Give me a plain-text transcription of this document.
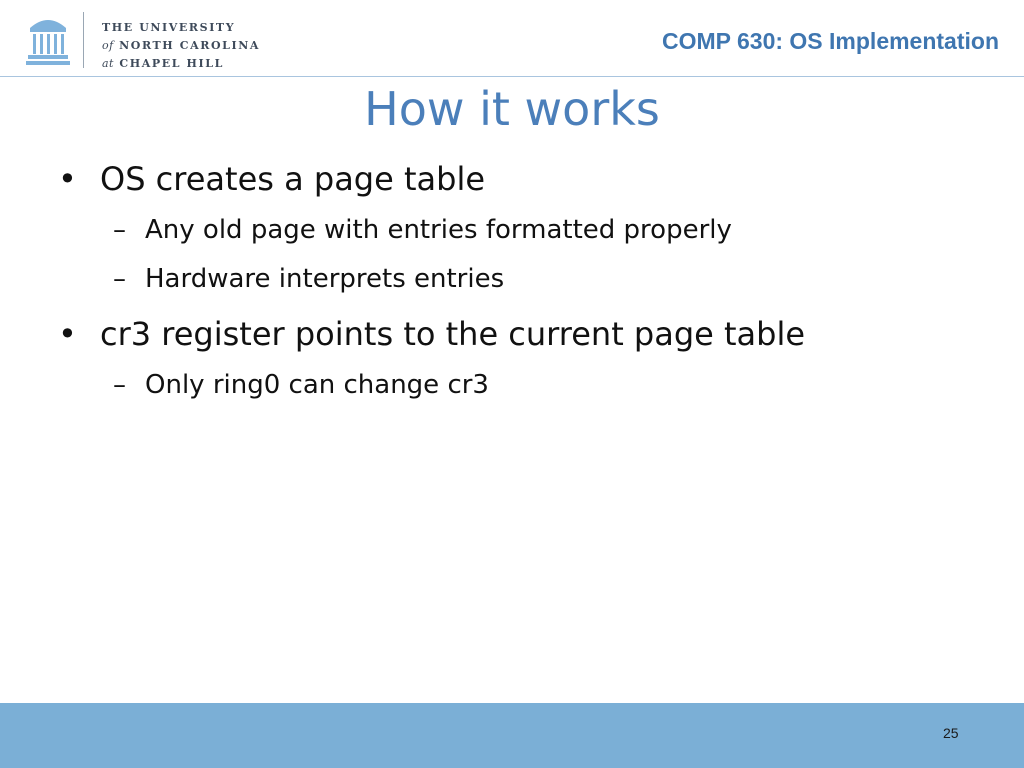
THE UNIVERSITY
of NORTH CAROLINA
at CHAPEL HILL
COMP 630: OS Implementation
How it works
• OS creates a page table
– Any old page with entries formatted properly
– Hardware interprets entries
• cr3 register points to the current page table
– Only ring0 can change cr3
25
